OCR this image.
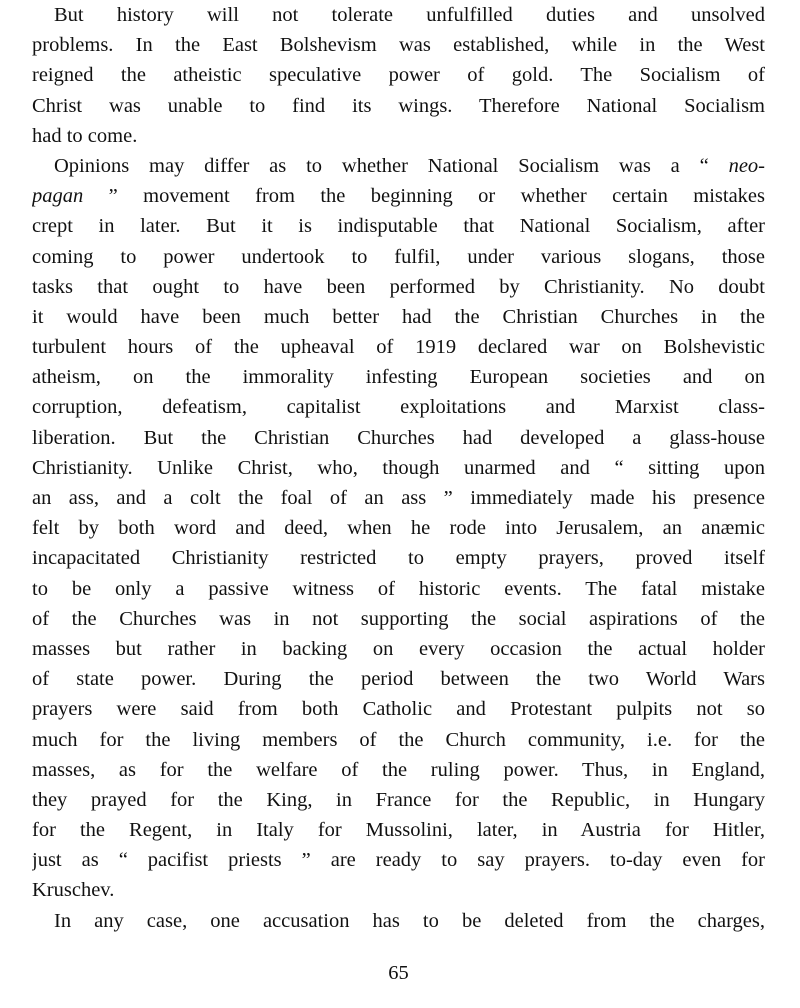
But history will not tolerate unfulfilled duties and unsolved
problems. In the East Bolshevism was established, while in the West
reigned the atheistic speculative power of gold. The Socialism of
Christ was unable to find its wings. Therefore National Socialism
had to come.
Opinions may differ as to whether National Socialism was a “ neo-
pagan ” movement from the beginning or whether certain mistakes
crept in later. But it is indisputable that National Socialism, after
coming to power undertook to fulfil, under various slogans, those
tasks that ought to have been performed by Christianity. No doubt
it would have been much better had the Christian Churches in the
turbulent hours of the upheaval of 1919 declared war on Bolshevistic
atheism, on the immorality infesting European societies and on
corruption, defeatism, capitalist exploitations and Marxist class-
liberation. But the Christian Churches had developed a glass-house
Christianity. Unlike Christ, who, though unarmed and “ sitting upon
an ass, and a colt the foal of an ass ” immediately made his presence
felt by both word and deed, when he rode into Jerusalem, an anæmic
incapacitated Christianity restricted to empty prayers, proved itself
to be only a passive witness of historic events. The fatal mistake
of the Churches was in not supporting the social aspirations of the
masses but rather in backing on every occasion the actual holder
of state power. During the period between the two World Wars
prayers were said from both Catholic and Protestant pulpits not so
much for the living members of the Church community, i.e. for the
masses, as for the welfare of the ruling power. Thus, in England,
they prayed for the King, in France for the Republic, in Hungary
for the Regent, in Italy for Mussolini, later, in Austria for Hitler,
just as “ pacifist priests ” are ready to say prayers. to-day even for
Kruschev.
In any case, one accusation has to be deleted from the charges,
65
